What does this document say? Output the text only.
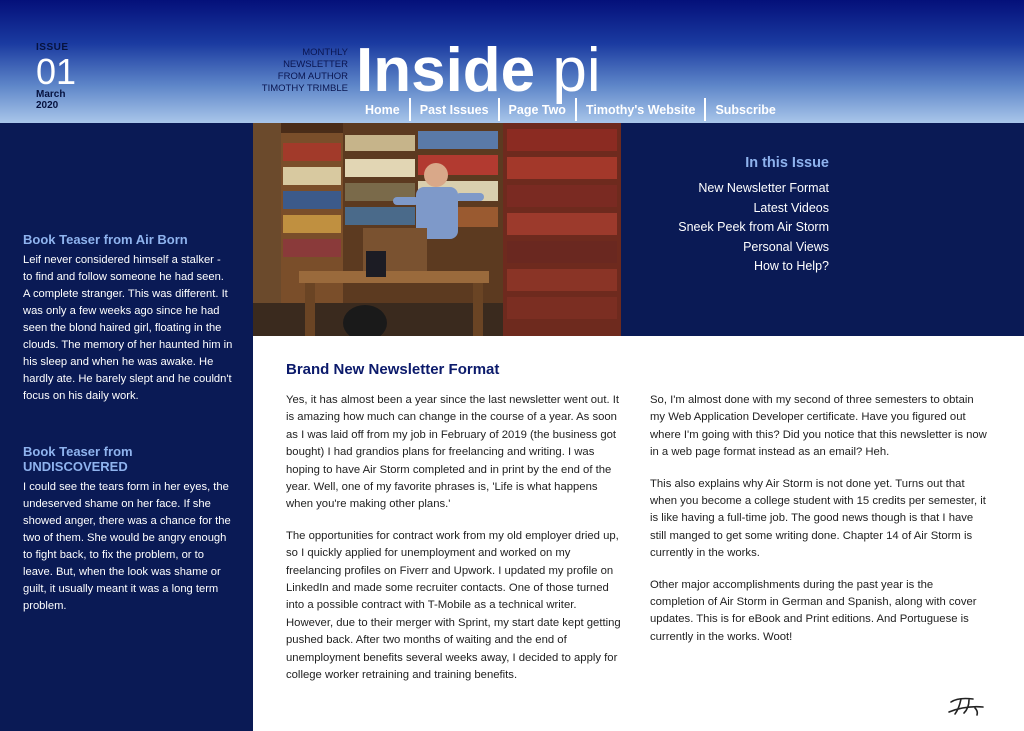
ISSUE
01
March
2020
MONTHLY
NEWSLETTER
FROM AUTHOR
TIMOTHY TRIMBLE Inside pi
Home	Past Issues	Page Two	Timothy's Website	Subscribe
Book Teaser from Air Born

Leif never considered himself a stalker - to find and follow someone he had seen. A complete stranger. This was different. It was only a few weeks ago since he had seen the blond haired girl, floating in the clouds. The memory of her haunted him in his sleep and when he was awake. He hardly ate. He barely slept and he couldn't focus on his daily work.

Book Teaser from UNDISCOVERED

I could see the tears form in her eyes, the undeserved shame on her face. If she showed anger, there was a chance for the two of them. She would be angry enough to fight back, to fix the problem, or to leave. But, when the look was shame or guilt, it usually meant it was a long term problem.

In this Issue
New Newsletter Format
Latest Videos
Sneek Peek from Air Storm
Personal Views
How to Help?
Brand New Newsletter Format

Yes, it has almost been a year since the last newsletter went out. It is amazing how much can change in the course of a year. As soon as I was laid off from my job in February of 2019 (the business got bought) I had grandios plans for freelancing and writing. I was hoping to have Air Storm completed and in print by the end of the year. Well, one of my favorite phrases is, 'Life is what happens when you're making other plans.'

The opportunities for contract work from my old employer dried up, so I quickly applied for unemployment and worked on my freelancing profiles on Fiverr and Upwork. I updated my profile on LinkedIn and made some recruiter contacts. One of those turned into a possible contract with T-Mobile as a technical writer. However, due to their merger with Sprint, my start date kept getting pushed back. After two months of waiting and the end of unemployment benefits several weeks away, I decided to apply for college worker retraining and training benefits.

So, I'm almost done with my second of three semesters to obtain my Web Application Developer certificate. Have you figured out where I'm going with this? Did you notice that this newsletter is now in a web page format instead as an email? Heh.

This also explains why Air Storm is not done yet. Turns out that when you become a college student with 15 credits per semester, it is like having a full-time job. The good news though is that I have still manged to get some writing done. Chapter 14 of Air Storm is currently in the works.

Other major accomplishments during the past year is the completion of Air Storm in German and Spanish, along with cover updates. This is for eBook and Print editions. And Portuguese is currently in the works. Woot!
